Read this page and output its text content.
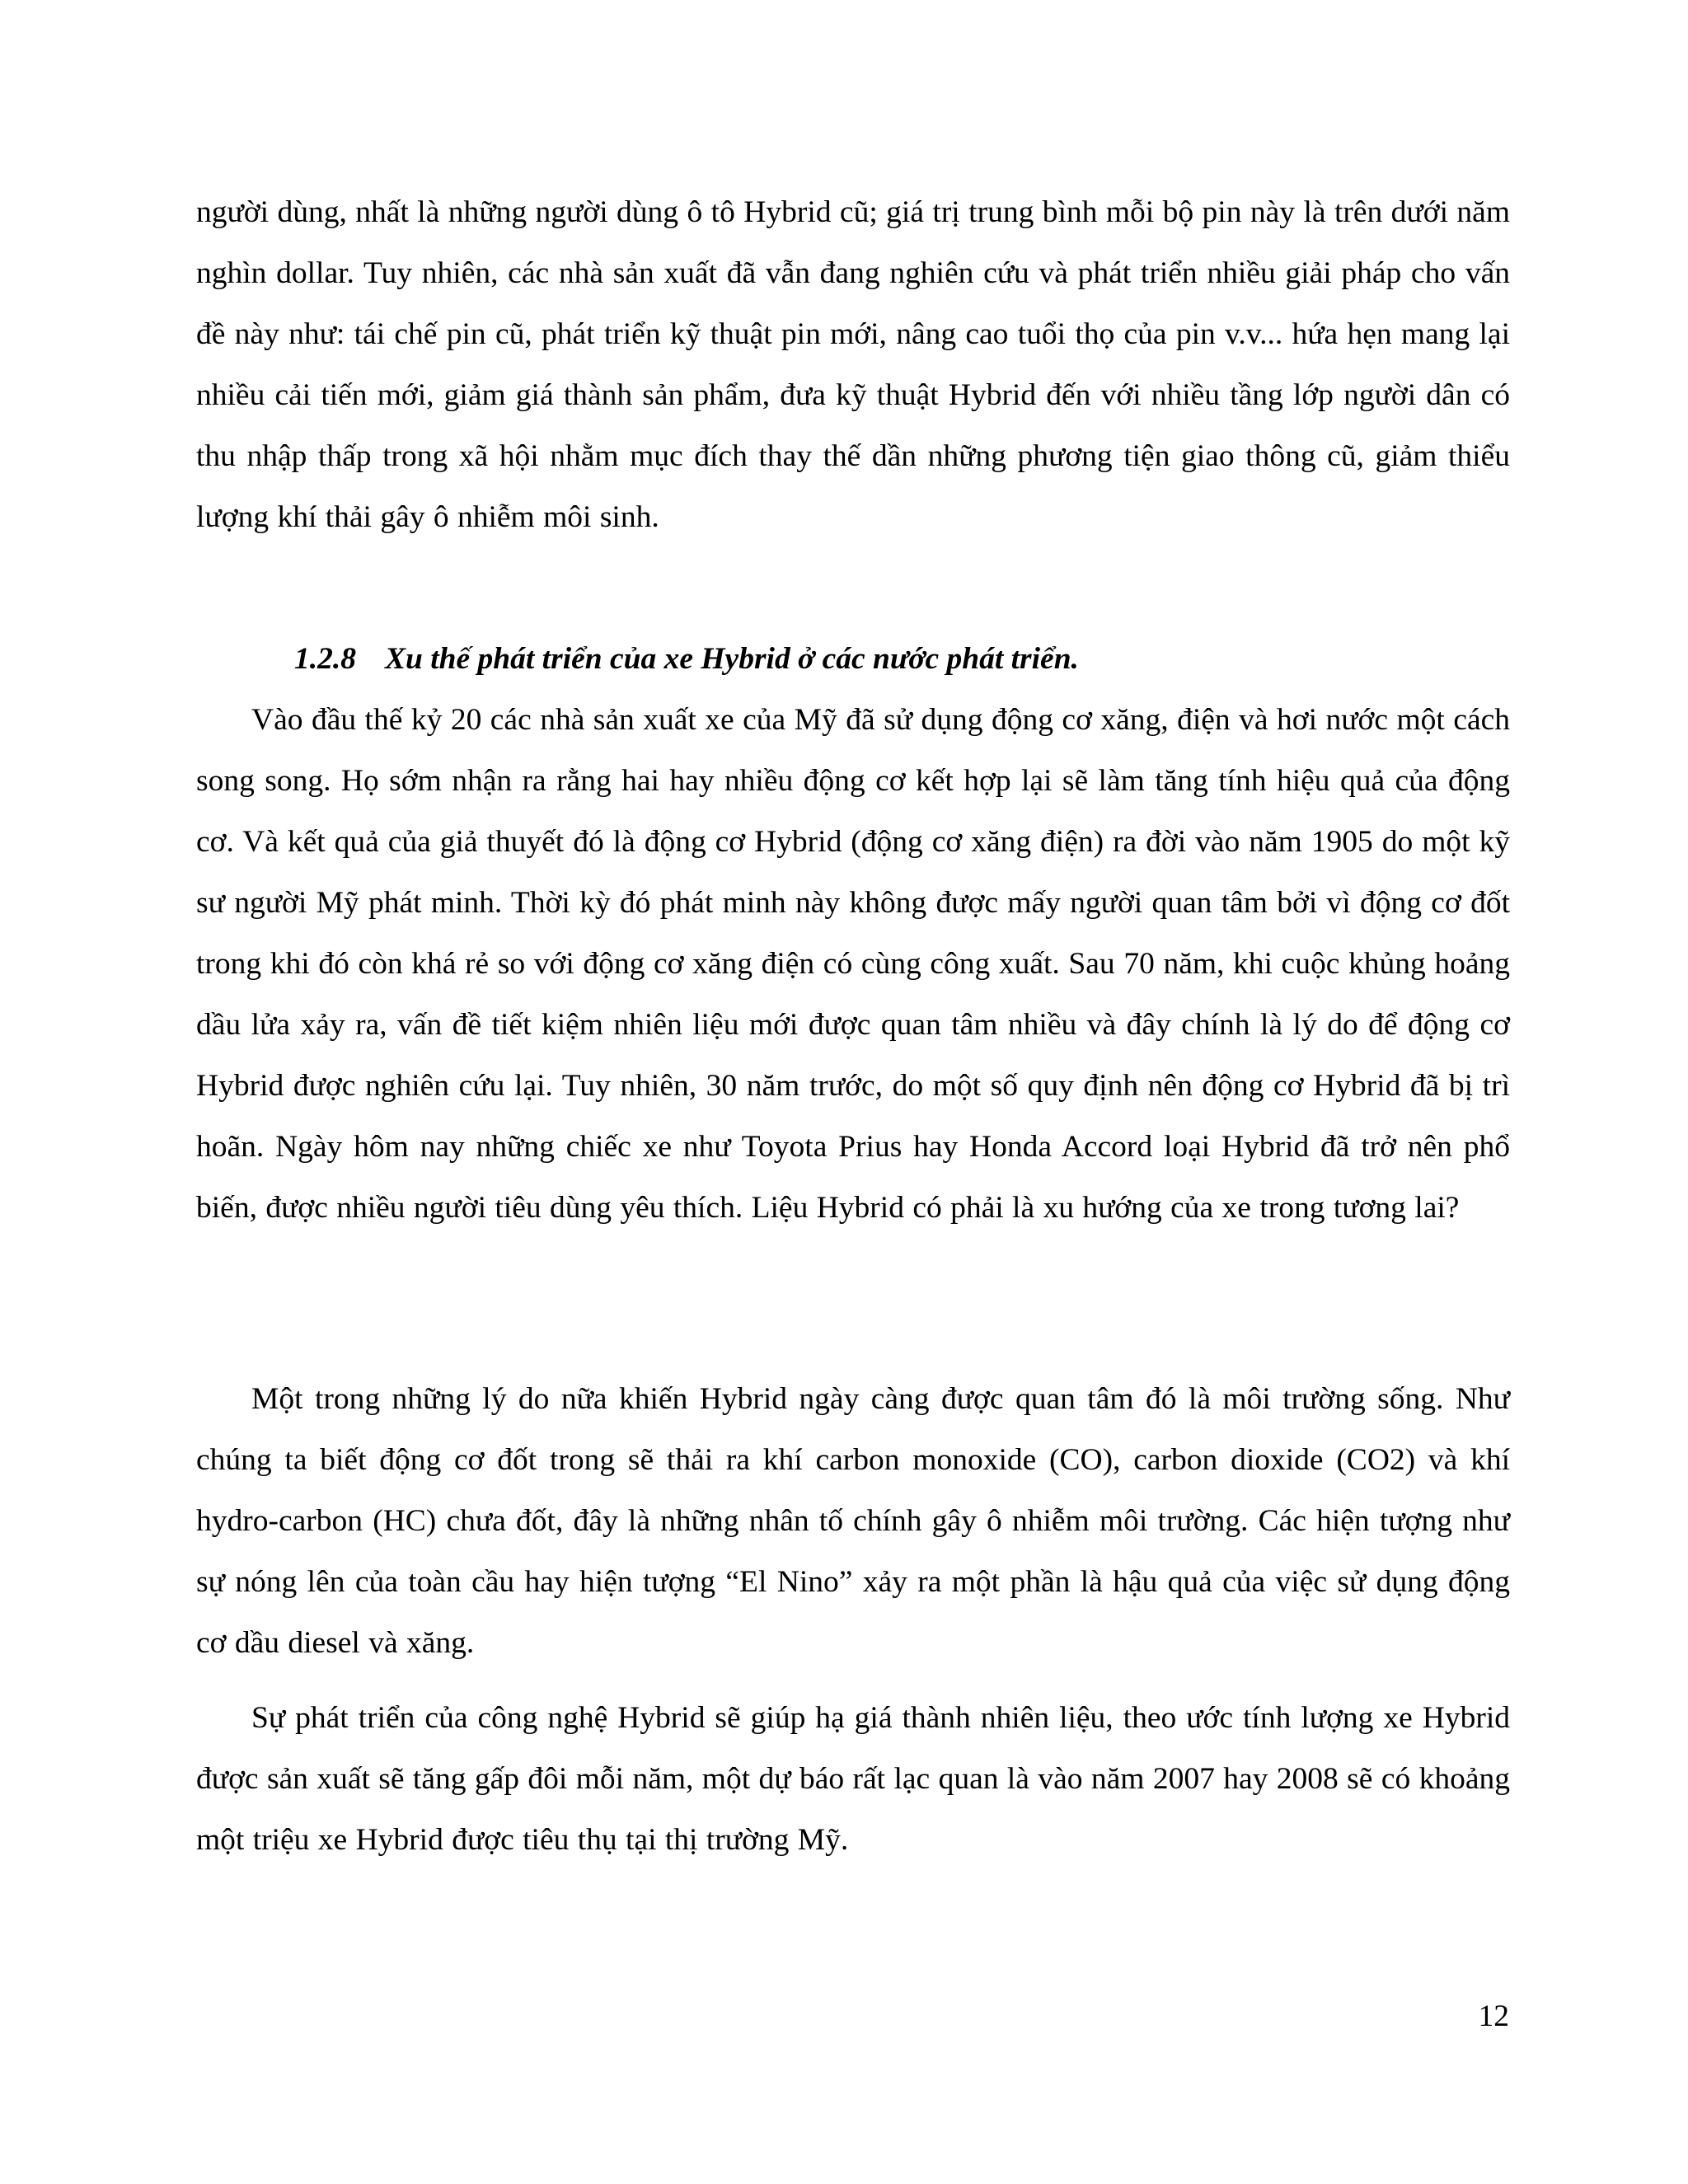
người dùng, nhất là những người dùng ô tô Hybrid cũ; giá trị trung bình mỗi bộ pin này là trên dưới năm nghìn dollar. Tuy nhiên, các nhà sản xuất đã vẫn đang nghiên cứu và phát triển nhiều giải pháp cho vấn đề này như: tái chế pin cũ, phát triển kỹ thuật pin mới, nâng cao tuổi thọ của pin v.v... hứa hẹn mang lại nhiều cải tiến mới, giảm giá thành sản phẩm, đưa kỹ thuật Hybrid đến với nhiều tầng lớp người dân có thu nhập thấp trong xã hội nhằm mục đích thay thế dần những phương tiện giao thông cũ, giảm thiểu lượng khí thải gây ô nhiễm môi sinh.
1.2.8 Xu thế phát triển của xe Hybrid ở các nước phát triển.
Vào đầu thế kỷ 20 các nhà sản xuất xe của Mỹ đã sử dụng động cơ xăng, điện và hơi nước một cách song song. Họ sớm nhận ra rằng hai hay nhiều động cơ kết hợp lại sẽ làm tăng tính hiệu quả của động cơ. Và kết quả của giả thuyết đó là động cơ Hybrid (động cơ xăng điện) ra đời vào năm 1905 do một kỹ sư người Mỹ phát minh. Thời kỳ đó phát minh này không được mấy người quan tâm bởi vì động cơ đốt trong khi đó còn khá rẻ so với động cơ xăng điện có cùng công xuất. Sau 70 năm, khi cuộc khủng hoảng dầu lửa xảy ra, vấn đề tiết kiệm nhiên liệu mới được quan tâm nhiều và đây chính là lý do để động cơ Hybrid được nghiên cứu lại. Tuy nhiên, 30 năm trước, do một số quy định nên động cơ Hybrid đã bị trì hoãn. Ngày hôm nay những chiếc xe như Toyota Prius hay Honda Accord loại Hybrid đã trở nên phổ biến, được nhiều người tiêu dùng yêu thích. Liệu Hybrid có phải là xu hướng của xe trong tương lai?
Một trong những lý do nữa khiến Hybrid ngày càng được quan tâm đó là môi trường sống. Như chúng ta biết động cơ đốt trong sẽ thải ra khí carbon monoxide (CO), carbon dioxide (CO2) và khí hydro-carbon (HC) chưa đốt, đây là những nhân tố chính gây ô nhiễm môi trường. Các hiện tượng như sự nóng lên của toàn cầu hay hiện tượng “El Nino” xảy ra một phần là hậu quả của việc sử dụng động cơ dầu diesel và xăng.
Sự phát triển của công nghệ Hybrid sẽ giúp hạ giá thành nhiên liệu, theo ước tính lượng xe Hybrid được sản xuất sẽ tăng gấp đôi mỗi năm, một dự báo rất lạc quan là vào năm 2007 hay 2008 sẽ có khoảng một triệu xe Hybrid được tiêu thụ tại thị trường Mỹ.
12
